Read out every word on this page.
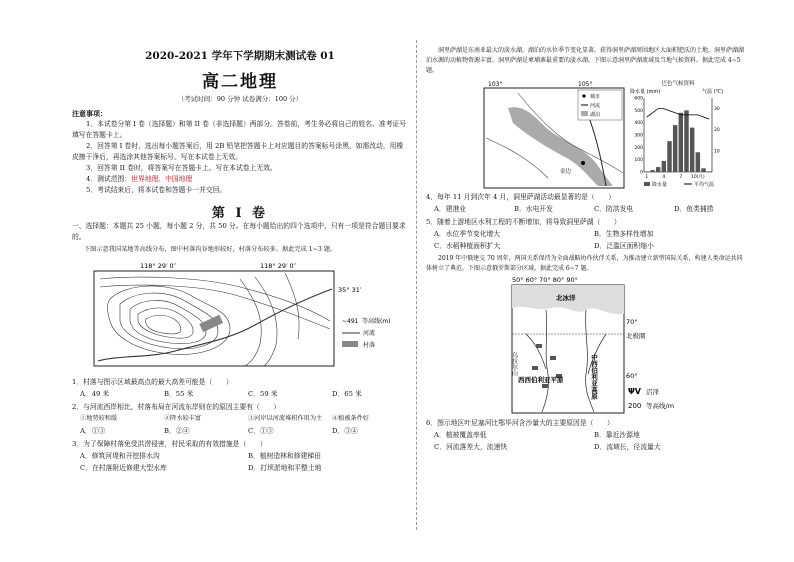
2020-2021 学年下学期期末测试卷 01
高二地理
（考试时间：90 分钟 试卷满分：100 分）
注意事项：

1．本试卷分第 I 卷（选择题）和第 II 卷（非选择题）两部分。答卷前，考生务必将自己的姓名、准考证号填写在答题卡上。

2．回答第 I 卷时，选出每小题答案后，用 2B 铅笔把答题卡上对应题目的答案标号涂黑。如需改动，用橡皮擦干净后，再选涂其他答案标号。写在本试卷上无效。

3．回答第 II 卷时，将答案写在答题卡上。写在本试卷上无效。

4．测试范围：世界地理、中国地理

5．考试结束后，将本试卷和答题卡一并交回。

第 I 卷

一、选择题：本题共 25 小题，每小题 2 分，共 50 分。在每小题给出的四个选项中，只有一项是符合题目要求的。

下图示意我国某地等高线分布，图中村落沟谷地形较好，村落分布较多。据此完成 1~3 题。

118° 29′ 0″	118° 29′ 0″
35° 31′
~491 等高线(m)
河流
村落

1．村落与图示区域最高点的最大高差可能是（　　）

A．49 米	B．55 米	C．59 米	D．65 米

2．与河流西岸相比，村落布局在河流东岸则在的原因主要有（　　）

①地势较和缓	②降水较丰富	③河岸以河流堆积作用为主	④植被条件好
A．①③	B．②④	C．①③	D．③④

3．为了保障村落免受洪涝侵害，村民采取的有效措施是（　　）

A．修筑河堤和开挖排水沟	B．植树造林和修建梯田
C．在村落附近修建大型水库	D．打坝淤地和平整土地

洞里萨湖是东南亚最大的淡水湖，湖泊的水位季节变化显著。获得洞里萨湖周围地区大面积肥沃的土地，洞里萨湖湖泊水源的动植物资源丰富，洞里萨湖是柬埔寨最重要的淡水湖。下图示意洞里萨湖流域及当地气候资料。据此完成 4~5 题。

103°	105°
金边
城市
河流
湖泊
巴色气候资料
降水量 (mm)	气温 (℃)
600
500
400
300
200
100
0
30
20
10
1	4	7 10(月)
降水量	平均气温

4．每年 11 月到次年 4 月，洞里萨湖活动最显著的是（　　）

A．建港业	B．水电开发	C．防洪发电	D．鱼类捕捞

5．随着上游地区水利工程的不断增加，将导致洞里萨湖（　　）

A．水位季节变化增大	B．生物多样性增加
C．水稻种植面积扩大	D．泛滥区面积缩小

2019 年中俄建交 70 周年，两国关系保持为全面战略协作伙伴关系，为推动建立新型国际关系，构建人类命运共同体树立了典范。下图示意俄罗斯部分区域。据此完成 6~7 题。

50° 60° 70° 80° 90°
70°
北极圈
60°
北冰洋
中西伯利亚高原
西西伯利亚平原
乌拉尔山
ΨV 沼泽
200 等高线/m

6．图示地区叶尼塞河比鄂毕河含沙量大的主要原因是（　　）

A．植被覆盖率低	B．靠近沙源地
C．河流落差大，流速快	D．流域长，径流量大
